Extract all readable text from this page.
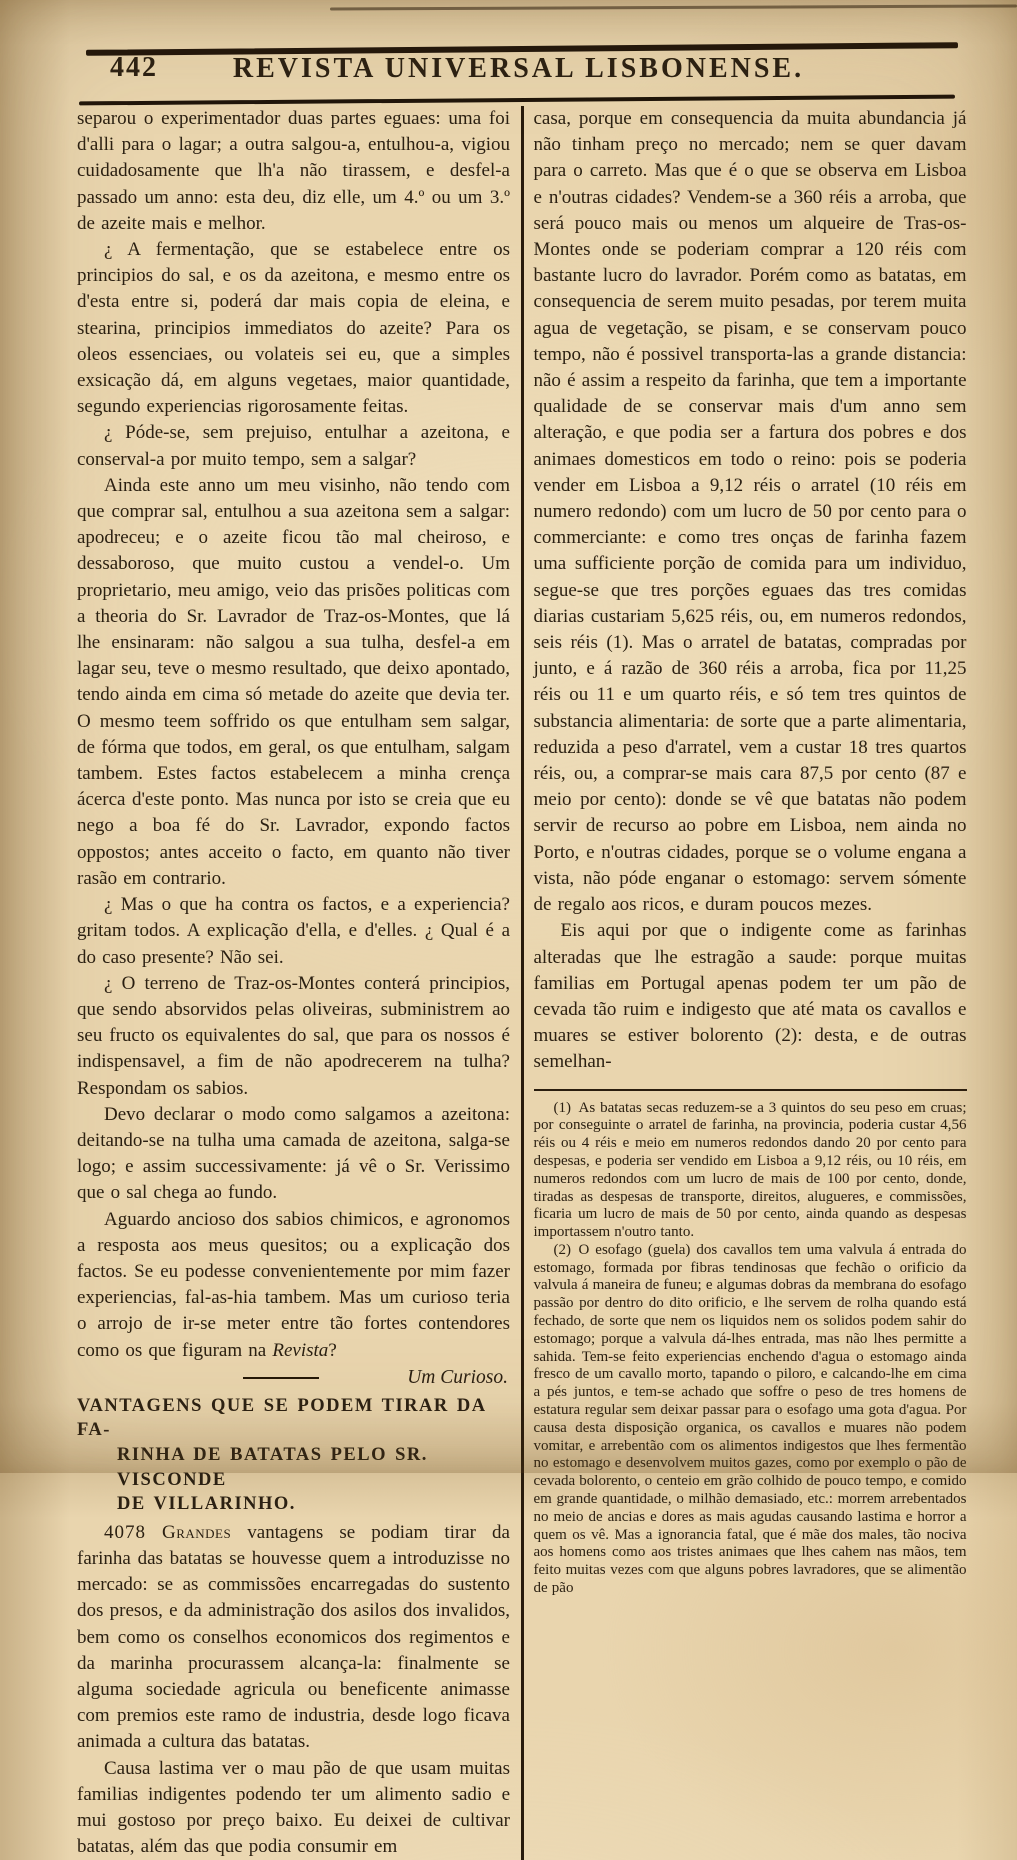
442	REVISTA UNIVERSAL LISBONENSE.

separou o experimentador duas partes eguaes: uma foi d'alli para o lagar; a outra salgou-a, entulhou-a, vigiou cuidadosamente que lh'a não tirassem, e desfel-a passado um anno: esta deu, diz elle, um 4.º ou um 3.º de azeite mais e melhor.

¿ A fermentação, que se estabelece entre os principios do sal, e os da azeitona, e mesmo entre os d'esta entre si, poderá dar mais copia de eleina, e stearina, principios immediatos do azeite? Para os oleos essenciaes, ou volateis sei eu, que a simples exsicação dá, em alguns vegetaes, maior quantidade, segundo experiencias rigorosamente feitas.

¿ Póde-se, sem prejuiso, entulhar a azeitona, e conserval-a por muito tempo, sem a salgar?

Ainda este anno um meu visinho, não tendo com que comprar sal, entulhou a sua azeitona sem a salgar: apodreceu; e o azeite ficou tão mal cheiroso, e dessaboroso, que muito custou a vendel-o. Um proprietario, meu amigo, veio das prisões politicas com a theoria do Sr. Lavrador de Traz-os-Montes, que lá lhe ensinaram: não salgou a sua tulha, desfel-a em lagar seu, teve o mesmo resultado, que deixo apontado, tendo ainda em cima só metade do azeite que devia ter. O mesmo teem soffrido os que entulham sem salgar, de fórma que todos, em geral, os que entulham, salgam tambem. Estes factos estabelecem a minha crença ácerca d'este ponto. Mas nunca por isto se creia que eu nego a boa fé do Sr. Lavrador, expondo factos oppostos; antes acceito o facto, em quanto não tiver rasão em contrario.

¿ Mas o que ha contra os factos, e a experiencia? gritam todos. A explicação d'ella, e d'elles. ¿ Qual é a do caso presente? Não sei.

¿ O terreno de Traz-os-Montes conterá principios, que sendo absorvidos pelas oliveiras, subministrem ao seu fructo os equivalentes do sal, que para os nossos é indispensavel, a fim de não apodrecerem na tulha? Respondam os sabios.

Devo declarar o modo como salgamos a azeitona: deitando-se na tulha uma camada de azeitona, salga-se logo; e assim successivamente: já vê o Sr. Verissimo que o sal chega ao fundo.

Aguardo ancioso dos sabios chimicos, e agronomos a resposta aos meus quesitos; ou a explicação dos factos. Se eu podesse convenientemente por mim fazer experiencias, fal-as-hia tambem. Mas um curioso teria o arrojo de ir-se meter entre tão fortes contendores como os que figuram na Revista?

Um Curioso.
VANTAGENS QUE SE PODEM TIRAR DA FA-
RINHA DE BATATAS PELO SR. VISCONDE
DE VILLARINHO.

4078 Grandes vantagens se podiam tirar da farinha das batatas se houvesse quem a introduzisse no mercado: se as commissões encarregadas do sustento dos presos, e da administração dos asilos dos invalidos, bem como os conselhos economicos dos regimentos e da marinha procurassem alcança-la: finalmente se alguma sociedade agricula ou beneficente animasse com premios este ramo de industria, desde logo ficava animada a cultura das batatas.

Causa lastima ver o mau pão de que usam muitas familias indigentes podendo ter um alimento sadio e mui gostoso por preço baixo. Eu deixei de cultivar batatas, além das que podia consumir em

casa, porque em consequencia da muita abundancia já não tinham preço no mercado; nem se quer davam para o carreto. Mas que é o que se observa em Lisboa e n'outras cidades? Vendem-se a 360 réis a arroba, que será pouco mais ou menos um alqueire de Tras-os-Montes onde se poderiam comprar a 120 réis com bastante lucro do lavrador. Porém como as batatas, em consequencia de serem muito pesadas, por terem muita agua de vegetação, se pisam, e se conservam pouco tempo, não é possivel transporta-las a grande distancia: não é assim a respeito da farinha, que tem a importante qualidade de se conservar mais d'um anno sem alteração, e que podia ser a fartura dos pobres e dos animaes domesticos em todo o reino: pois se poderia vender em Lisboa a 9,12 réis o arratel (10 réis em numero redondo) com um lucro de 50 por cento para o commerciante: e como tres onças de farinha fazem uma sufficiente porção de comida para um individuo, segue-se que tres porções eguaes das tres comidas diarias custariam 5,625 réis, ou, em numeros redondos, seis réis (1). Mas o arratel de batatas, compradas por junto, e á razão de 360 réis a arroba, fica por 11,25 réis ou 11 e um quarto réis, e só tem tres quintos de substancia alimentaria: de sorte que a parte alimentaria, reduzida a peso d'arratel, vem a custar 18 tres quartos réis, ou, a comprar-se mais cara 87,5 por cento (87 e meio por cento): donde se vê que batatas não podem servir de recurso ao pobre em Lisboa, nem ainda no Porto, e n'outras cidades, porque se o volume engana a vista, não póde enganar o estomago: servem sómente de regalo aos ricos, e duram poucos mezes.

Eis aqui por que o indigente come as farinhas alteradas que lhe estragão a saude: porque muitas familias em Portugal apenas podem ter um pão de cevada tão ruim e indigesto que até mata os cavallos e muares se estiver bolorento (2): desta, e de outras semelhan-

(1) As batatas secas reduzem-se a 3 quintos do seu peso em cruas; por conseguinte o arratel de farinha, na provincia, poderia custar 4,56 réis ou 4 réis e meio em numeros redondos dando 20 por cento para despesas, e poderia ser vendido em Lisboa a 9,12 réis, ou 10 réis, em numeros redondos com um lucro de mais de 100 por cento, donde, tiradas as despesas de transporte, direitos, alugueres, e commissões, ficaria um lucro de mais de 50 por cento, ainda quando as despesas importassem n'outro tanto.

(2) O esofago (guela) dos cavallos tem uma valvula á entrada do estomago, formada por fibras tendinosas que fechão o orificio da valvula á maneira de funeu; e algumas dobras da membrana do esofago passão por dentro do dito orificio, e lhe servem de rolha quando está fechado, de sorte que nem os liquidos nem os solidos podem sahir do estomago; porque a valvula dá-lhes entrada, mas não lhes permitte a sahida. Tem-se feito experiencias enchendo d'agua o estomago ainda fresco de um cavallo morto, tapando o piloro, e calcando-lhe em cima a pés juntos, e tem-se achado que soffre o peso de tres homens de estatura regular sem deixar passar para o esofago uma gota d'agua. Por causa desta disposição organica, os cavallos e muares não podem vomitar, e arrebentão com os alimentos indigestos que lhes fermentão no estomago e desenvolvem muitos gazes, como por exemplo o pão de cevada bolorento, o centeio em grão colhido de pouco tempo, e comido em grande quantidade, o milhão demasiado, etc.: morrem arrebentados no meio de ancias e dores as mais agudas causando lastima e horror a quem os vê. Mas a ignorancia fatal, que é mãe dos males, tão nociva aos homens como aos tristes animaes que lhes cahem nas mãos, tem feito muitas vezes com que alguns pobres lavradores, que se alimentão de pão
